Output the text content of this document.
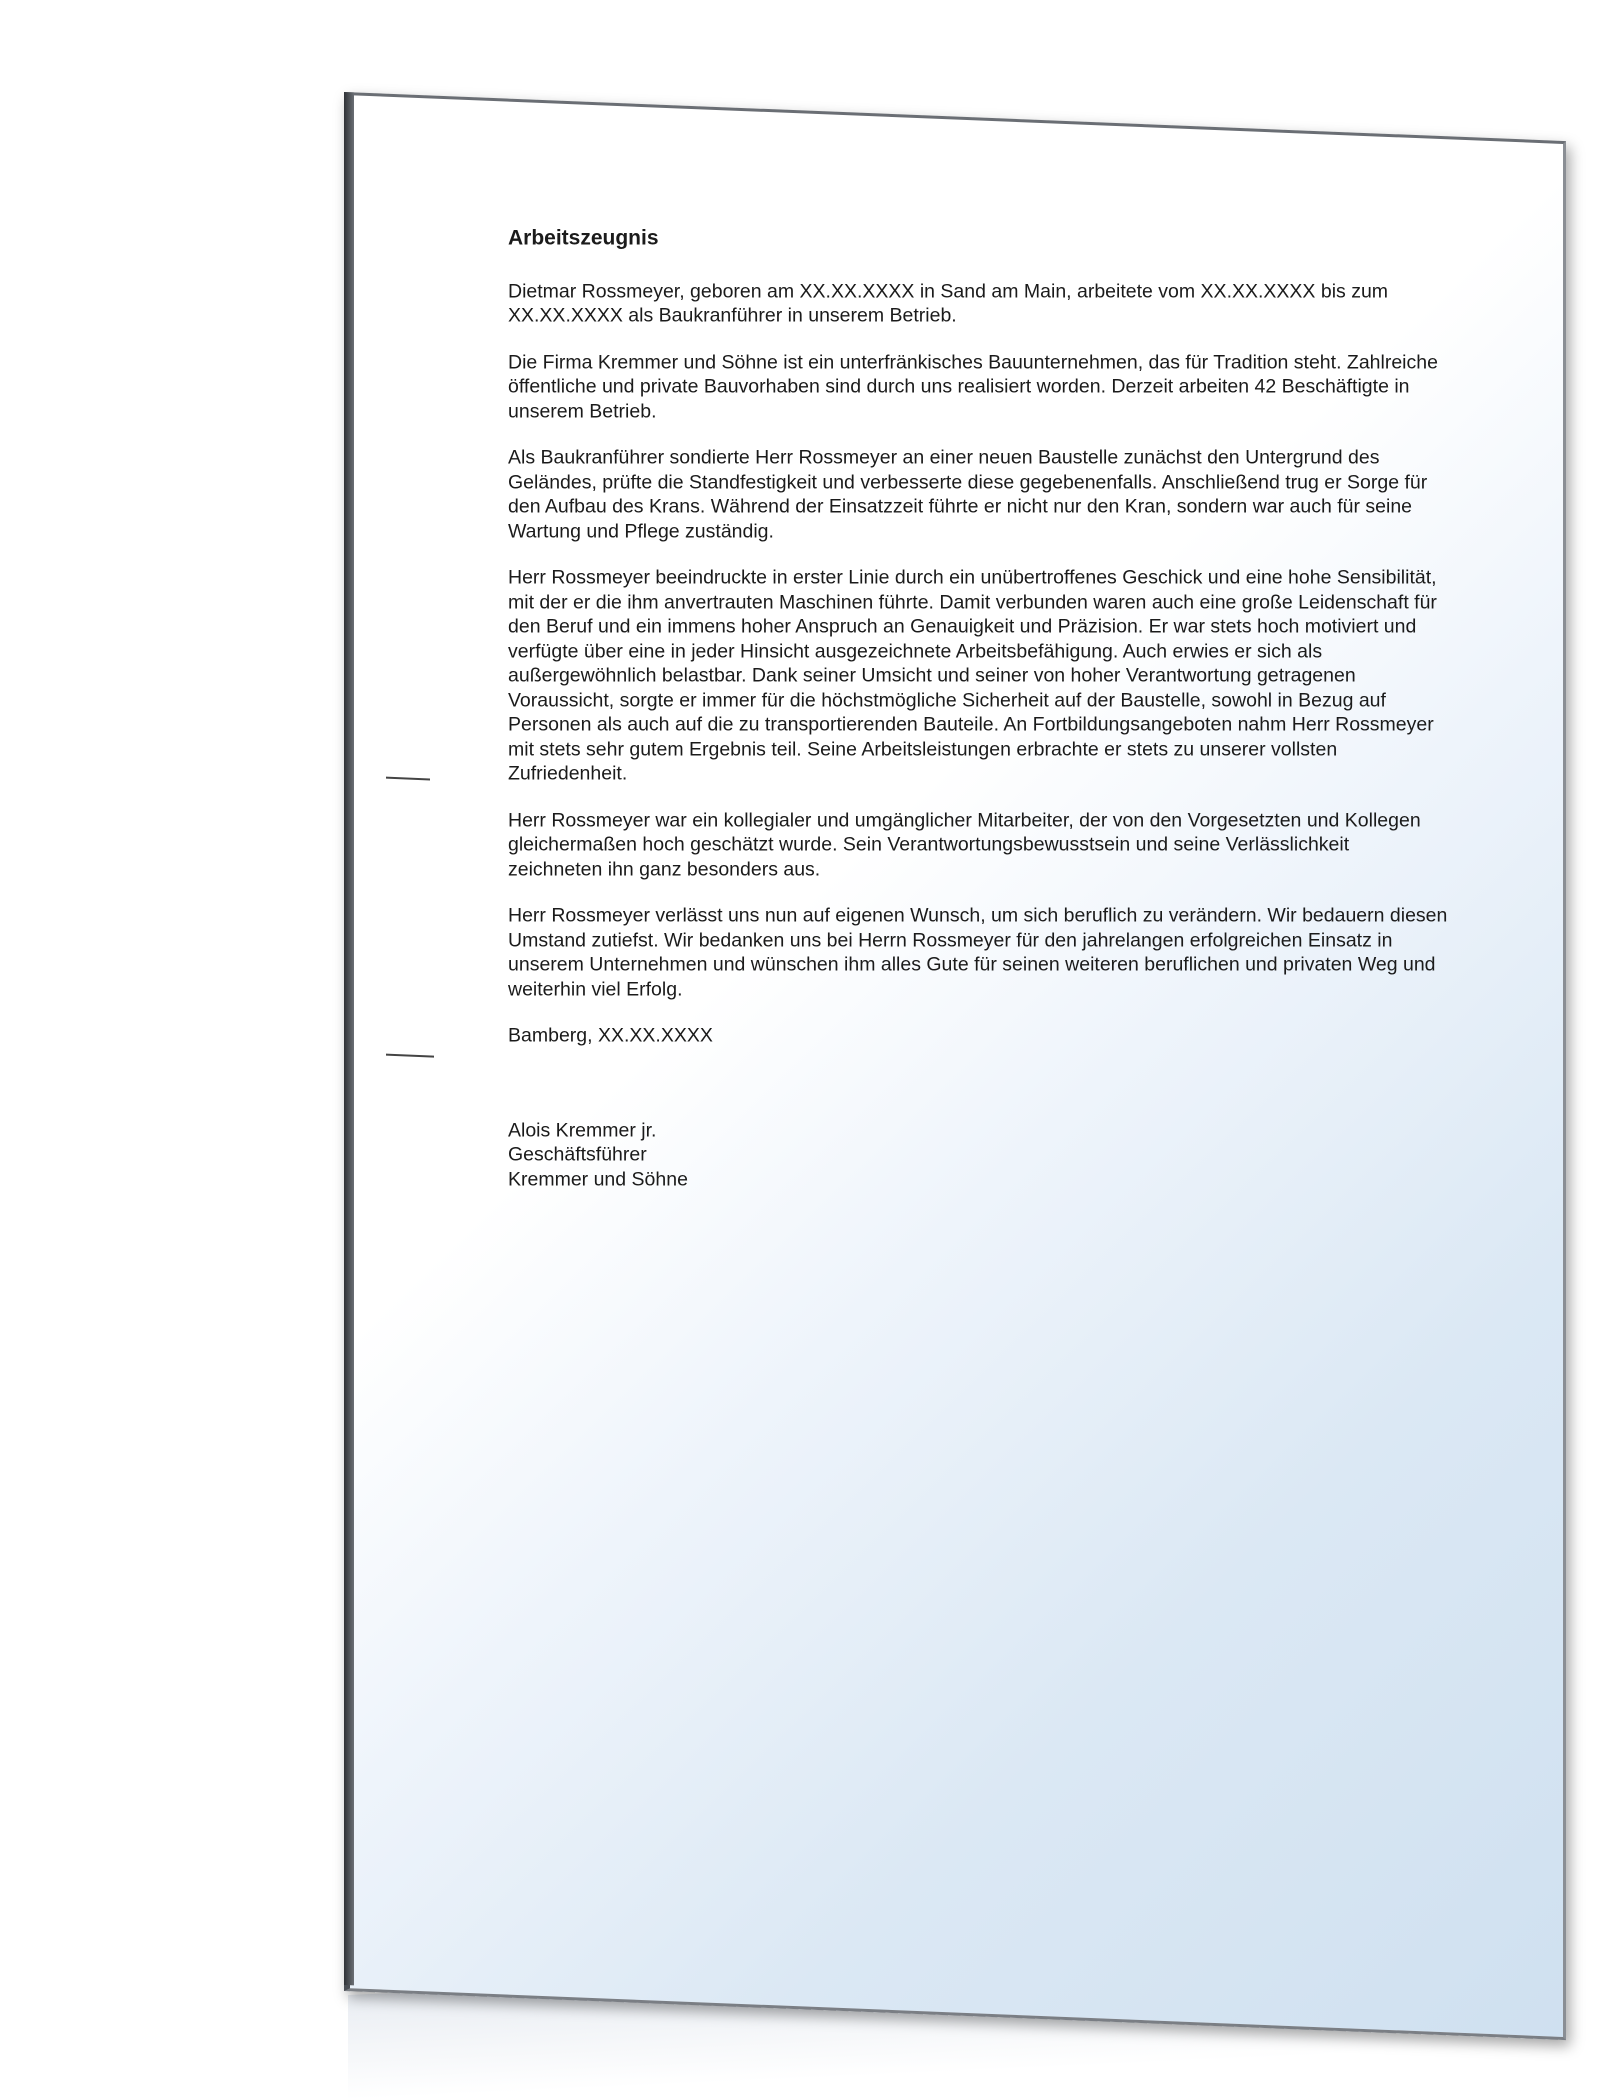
Arbeitszeugnis

Dietmar Rossmeyer, geboren am XX.XX.XXXX in Sand am Main, arbeitete vom XX.XX.XXXX bis zum XX.XX.XXXX als Baukranführer in unserem Betrieb.

Die Firma Kremmer und Söhne ist ein unterfränkisches Bauunternehmen, das für Tradition steht. Zahlreiche öffentliche und private Bauvorhaben sind durch uns realisiert worden. Derzeit arbeiten 42 Beschäftigte in unserem Betrieb.

Als Baukranführer sondierte Herr Rossmeyer an einer neuen Baustelle zunächst den Untergrund des Geländes, prüfte die Standfestigkeit und verbesserte diese gegebenenfalls. Anschließend trug er Sorge für den Aufbau des Krans. Während der Einsatzzeit führte er nicht nur den Kran, sondern war auch für seine Wartung und Pflege zuständig.

Herr Rossmeyer beeindruckte in erster Linie durch ein unübertroffenes Geschick und eine hohe Sensibilität, mit der er die ihm anvertrauten Maschinen führte. Damit verbunden waren auch eine große Leidenschaft für den Beruf und ein immens hoher Anspruch an Genauigkeit und Präzision. Er war stets hoch motiviert und verfügte über eine in jeder Hinsicht ausgezeichnete Arbeitsbefähigung. Auch erwies er sich als außergewöhnlich belastbar. Dank seiner Umsicht und seiner von hoher Verantwortung getragenen Voraussicht, sorgte er immer für die höchstmögliche Sicherheit auf der Baustelle, sowohl in Bezug auf Personen als auch auf die zu transportierenden Bauteile. An Fortbildungsangeboten nahm Herr Rossmeyer mit stets sehr gutem Ergebnis teil. Seine Arbeitsleistungen erbrachte er stets zu unserer vollsten Zufriedenheit.

Herr Rossmeyer war ein kollegialer und umgänglicher Mitarbeiter, der von den Vorgesetzten und Kollegen gleichermaßen hoch geschätzt wurde. Sein Verantwortungsbewusstsein und seine Verlässlichkeit zeichneten ihn ganz besonders aus.

Herr Rossmeyer verlässt uns nun auf eigenen Wunsch, um sich beruflich zu verändern. Wir bedauern diesen Umstand zutiefst. Wir bedanken uns bei Herrn Rossmeyer für den jahrelangen erfolgreichen Einsatz in unserem Unternehmen und wünschen ihm alles Gute für seinen weiteren beruflichen und privaten Weg und weiterhin viel Erfolg.

Bamberg, XX.XX.XXXX
Alois Kremmer jr.
Geschäftsführer
Kremmer und Söhne
